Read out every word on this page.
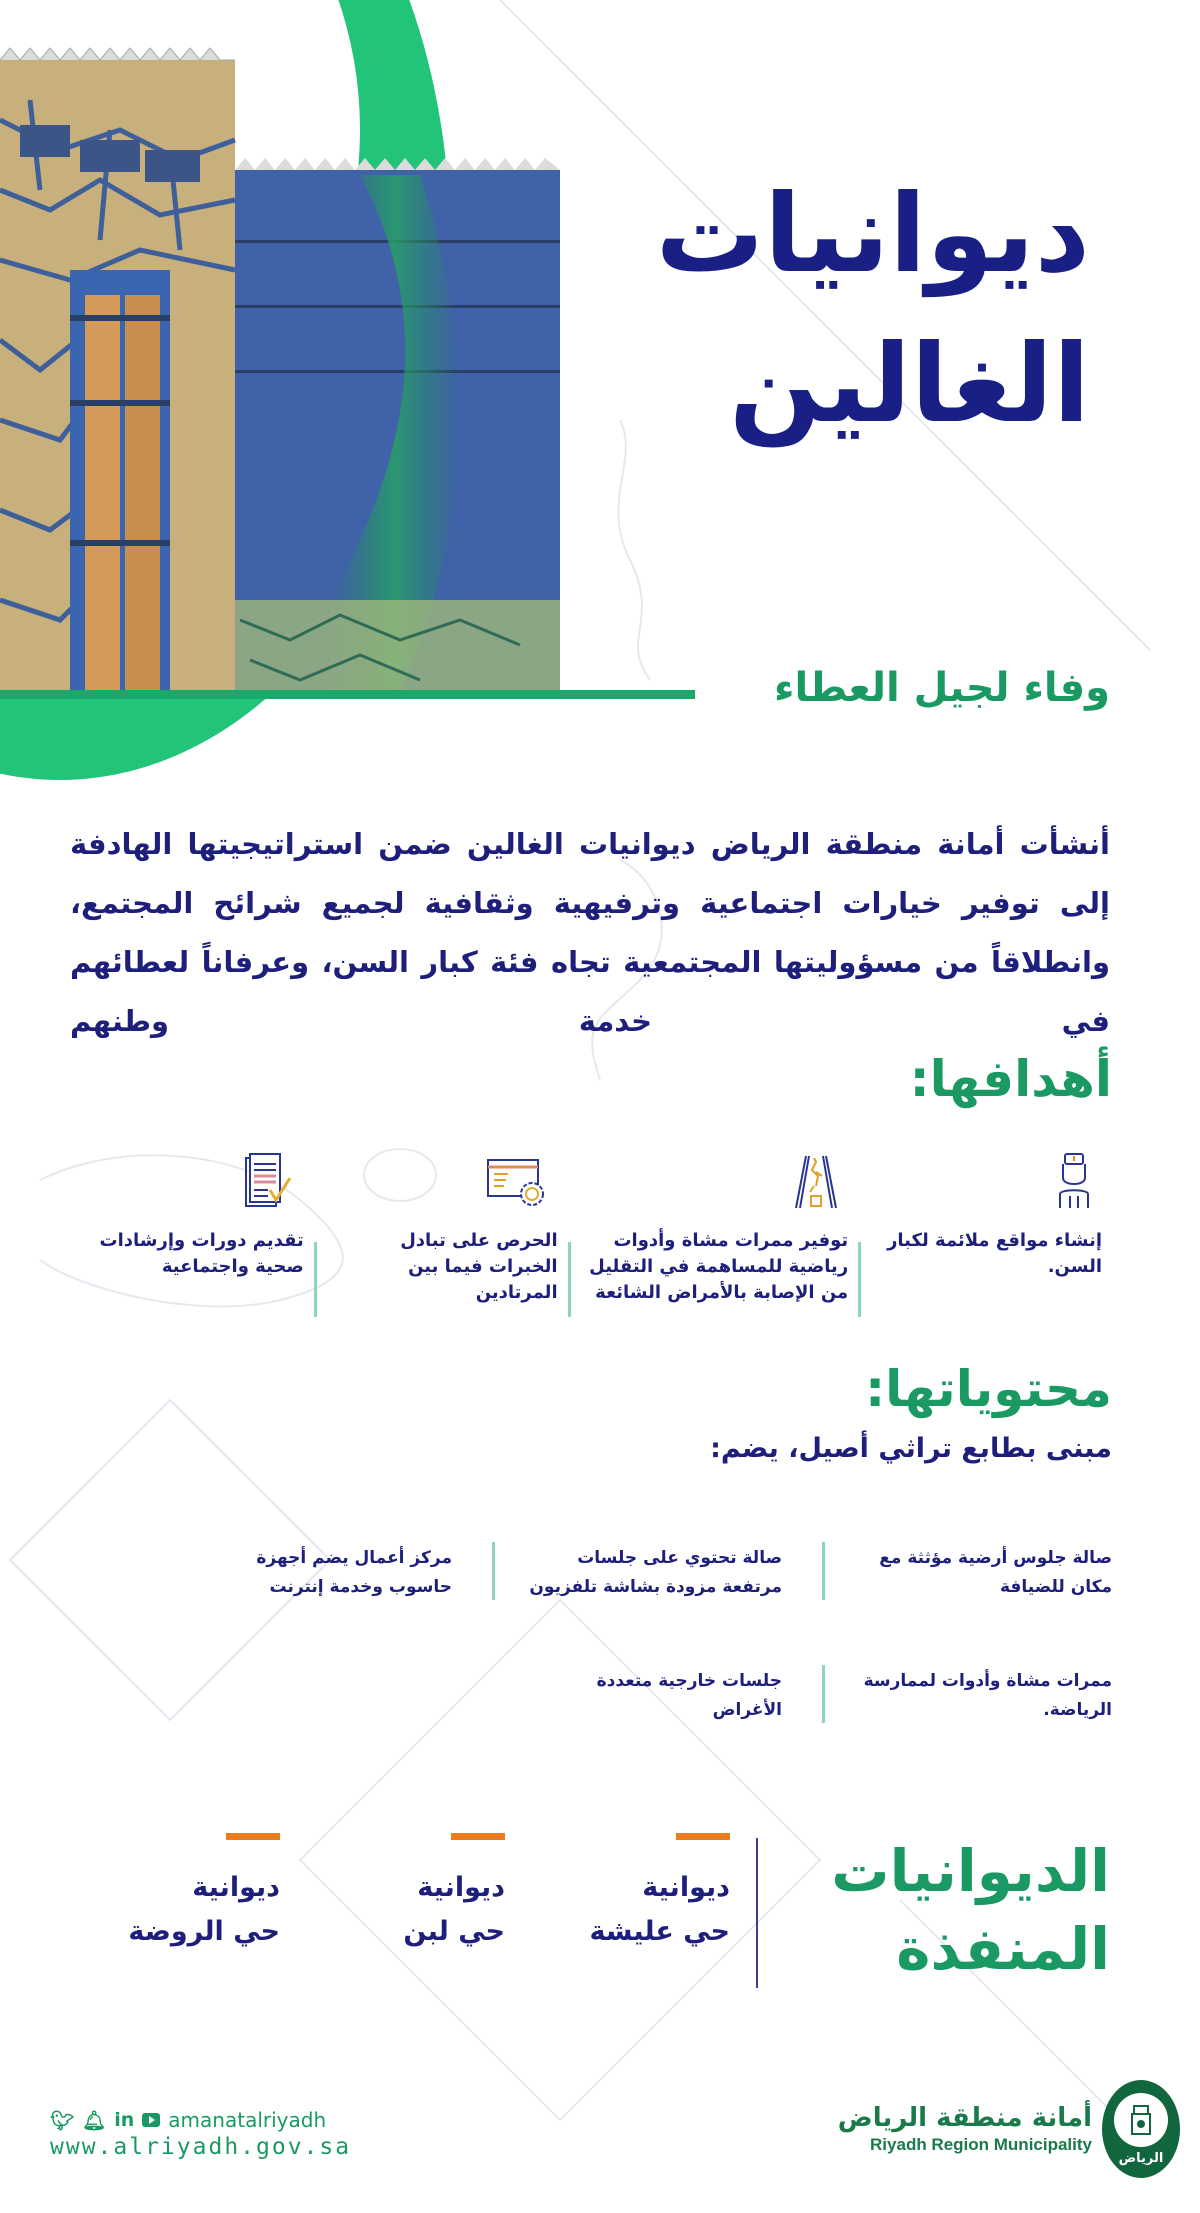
ديوانيات
الغالين
وفاء لجيل العطاء

أنشأت أمانة منطقة الرياض ديوانيات الغالين ضمن استراتيجيتها الهادفة إلى توفير خيارات اجتماعية وترفيهية وثقافية لجميع شرائح المجتمع، وانطلاقاً من مسؤوليتها المجتمعية تجاه فئة كبار السن، وعرفاناً لعطائهم في خدمة وطنهم

أهدافها:
إنشاء مواقع ملائمة لكبار السن.
توفير ممرات مشاة وأدوات رياضية للمساهمة في التقليل من الإصابة بالأمراض الشائعة
الحرص على تبادل الخبرات فيما بين المرتادين
تقديم دورات وإرشادات صحية واجتماعية
محتوياتها:
مبنى بطابع تراثي أصيل، يضم:
صالة جلوس أرضية مؤثثة مع مكان للضيافة
صالة تحتوي على جلسات مرتفعة مزودة بشاشة تلفزيون
مركز أعمال يضم أجهزة حاسوب وخدمة إنترنت
ممرات مشاة وأدوات لممارسة الرياضة.
جلسات خارجية متعددة الأغراض
الديوانيات
المنفذة
ديوانية
حي عليشة
ديوانية
حي لبن
ديوانية
حي الروضة
🐦︎ 🔔︎ in amanatalriyadh
www.alriyadh.gov.sa
أمانة منطقة الرياض
Riyadh Region Municipality
الرياض
